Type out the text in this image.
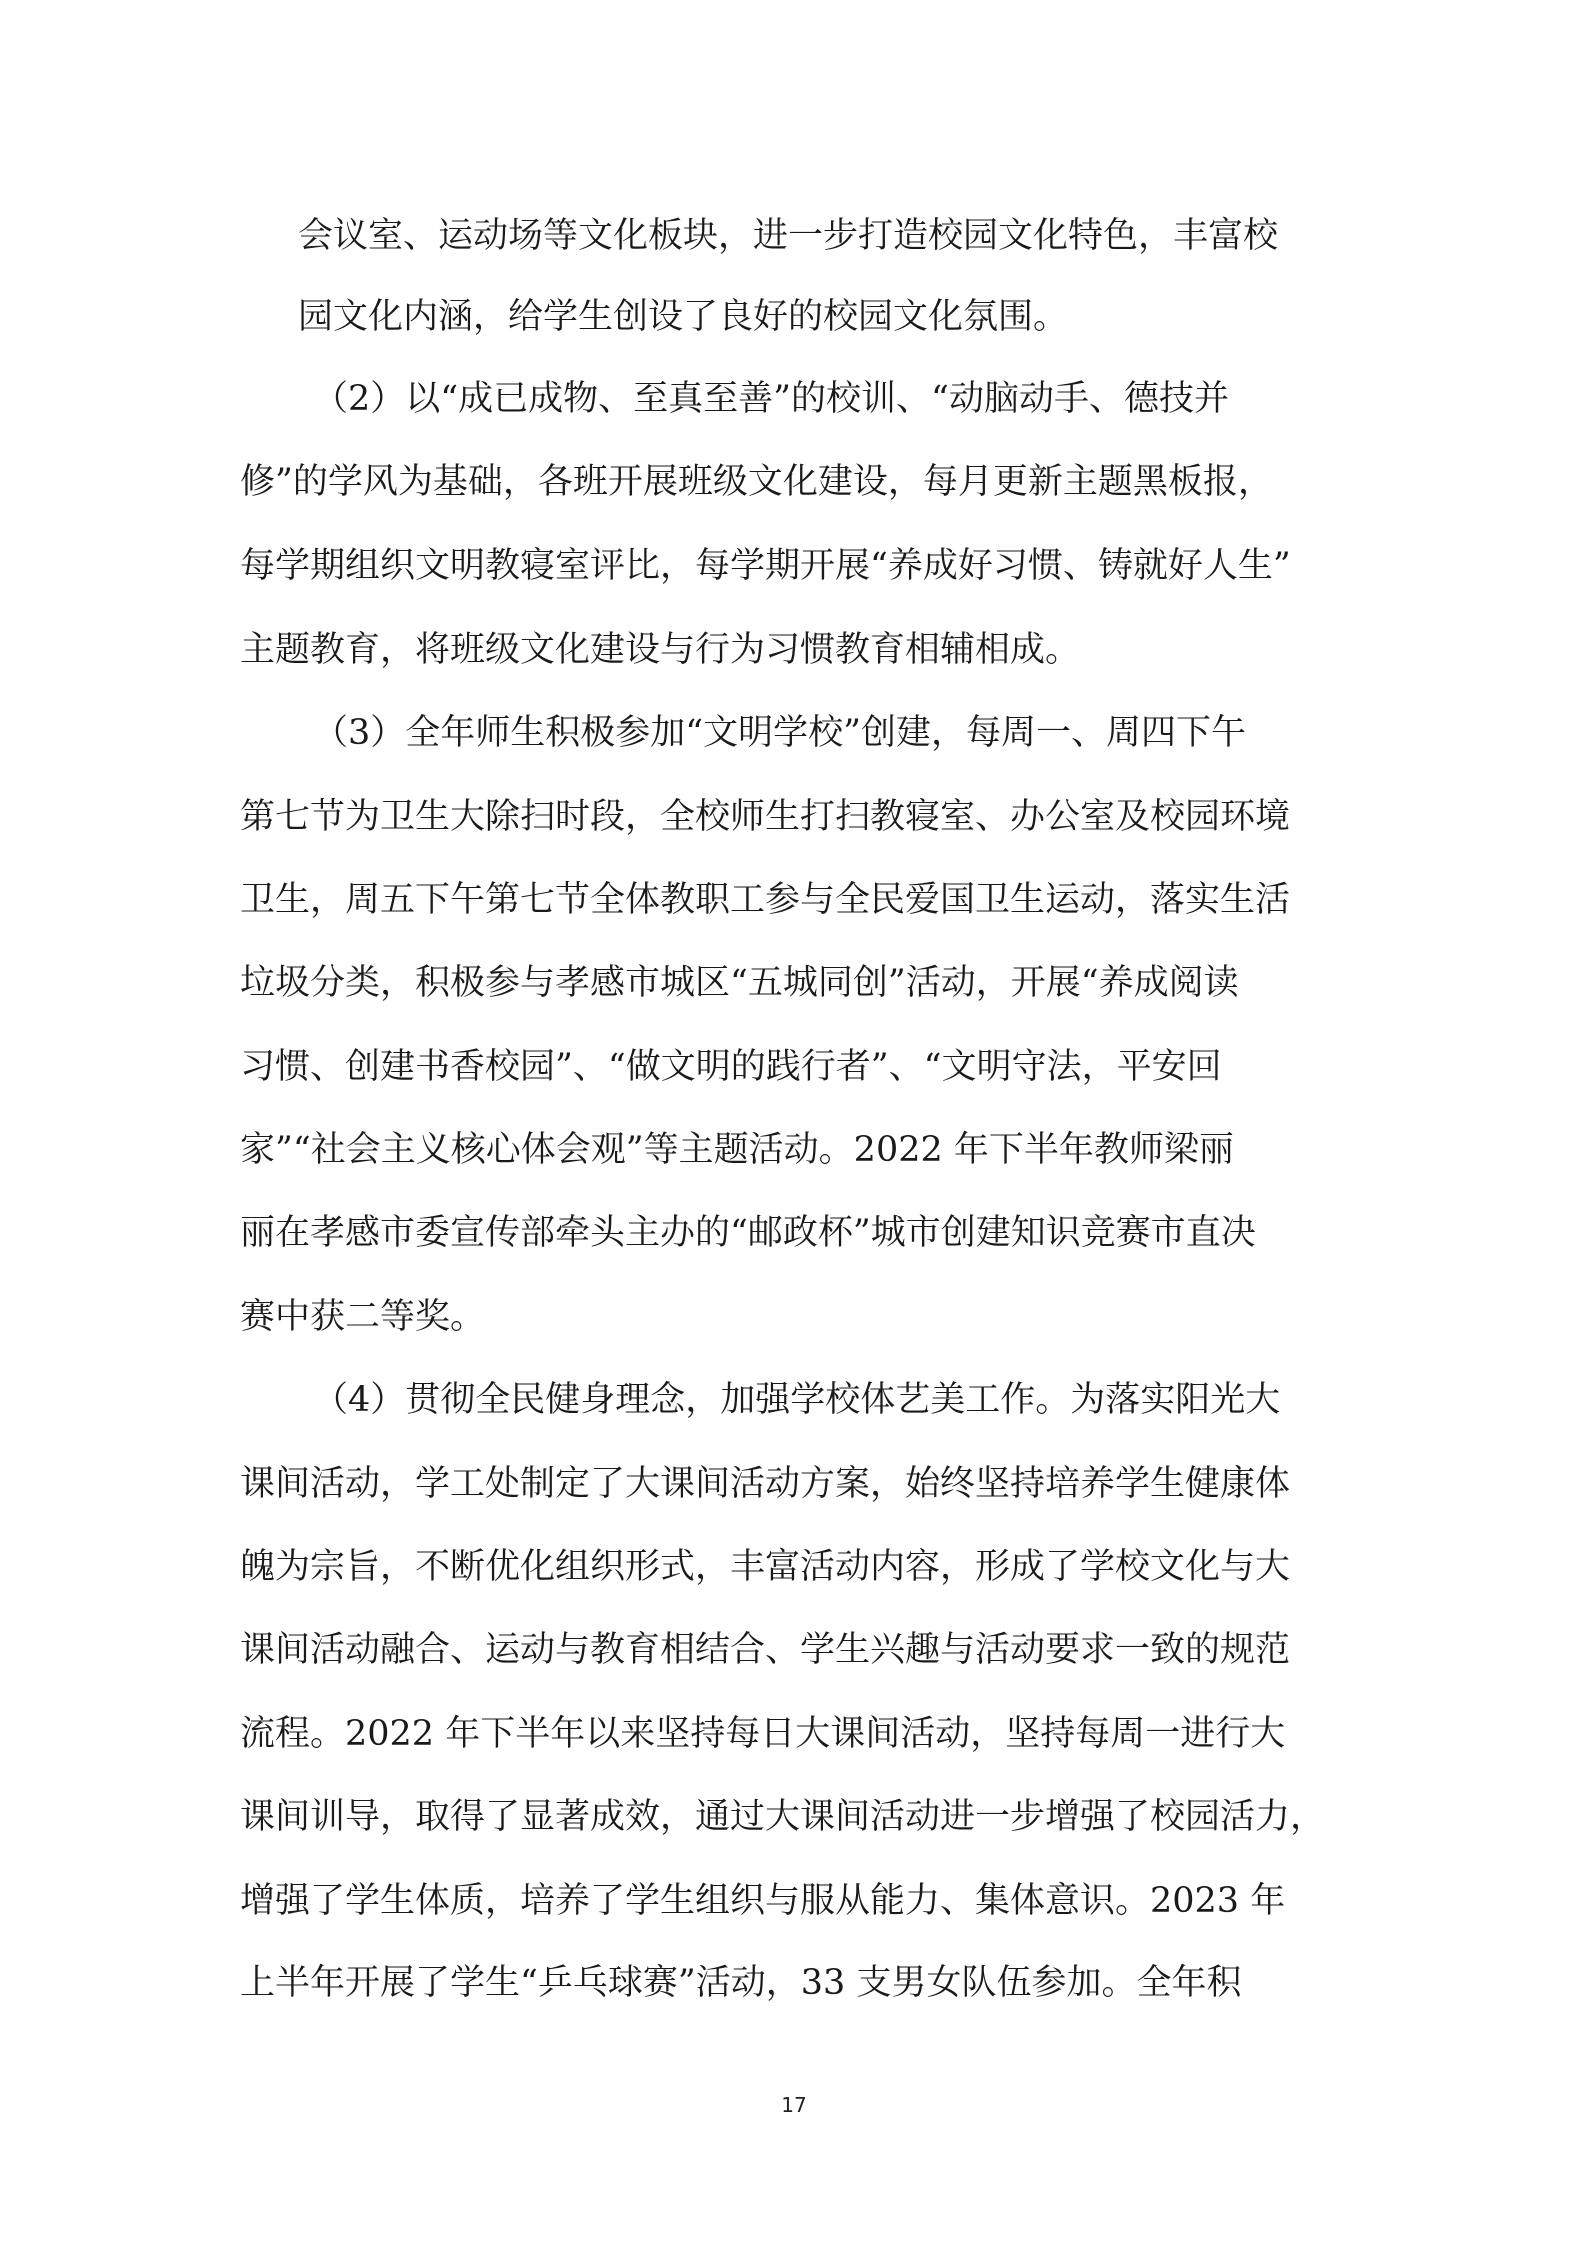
会议室、运动场等文化板块，进一步打造校园文化特色，丰富校

园文化内涵，给学生创设了良好的校园文化氛围。

（2）以“成已成物、至真至善”的校训、“动脑动手、德技并

修”的学风为基础，各班开展班级文化建设，每月更新主题黑板报，

每学期组织文明教寝室评比，每学期开展“养成好习惯、铸就好人生”

主题教育，将班级文化建设与行为习惯教育相辅相成。

（3）全年师生积极参加“文明学校”创建，每周一、周四下午

第七节为卫生大除扫时段，全校师生打扫教寝室、办公室及校园环境

卫生，周五下午第七节全体教职工参与全民爱国卫生运动，落实生活

垃圾分类，积极参与孝感市城区“五城同创”活动，开展“养成阅读

习惯、创建书香校园”、“做文明的践行者”、“文明守法，平安回

家”“社会主义核心体会观”等主题活动。2022 年下半年教师梁丽

丽在孝感市委宣传部牵头主办的“邮政杯”城市创建知识竞赛市直决

赛中获二等奖。

（4）贯彻全民健身理念，加强学校体艺美工作。为落实阳光大

课间活动，学工处制定了大课间活动方案，始终坚持培养学生健康体

魄为宗旨，不断优化组织形式，丰富活动内容，形成了学校文化与大

课间活动融合、运动与教育相结合、学生兴趣与活动要求一致的规范

流程。2022 年下半年以来坚持每日大课间活动，坚持每周一进行大

课间训导，取得了显著成效，通过大课间活动进一步增强了校园活力，

增强了学生体质，培养了学生组织与服从能力、集体意识。2023 年

上半年开展了学生“乒乓球赛”活动，33 支男女队伍参加。全年积

17
